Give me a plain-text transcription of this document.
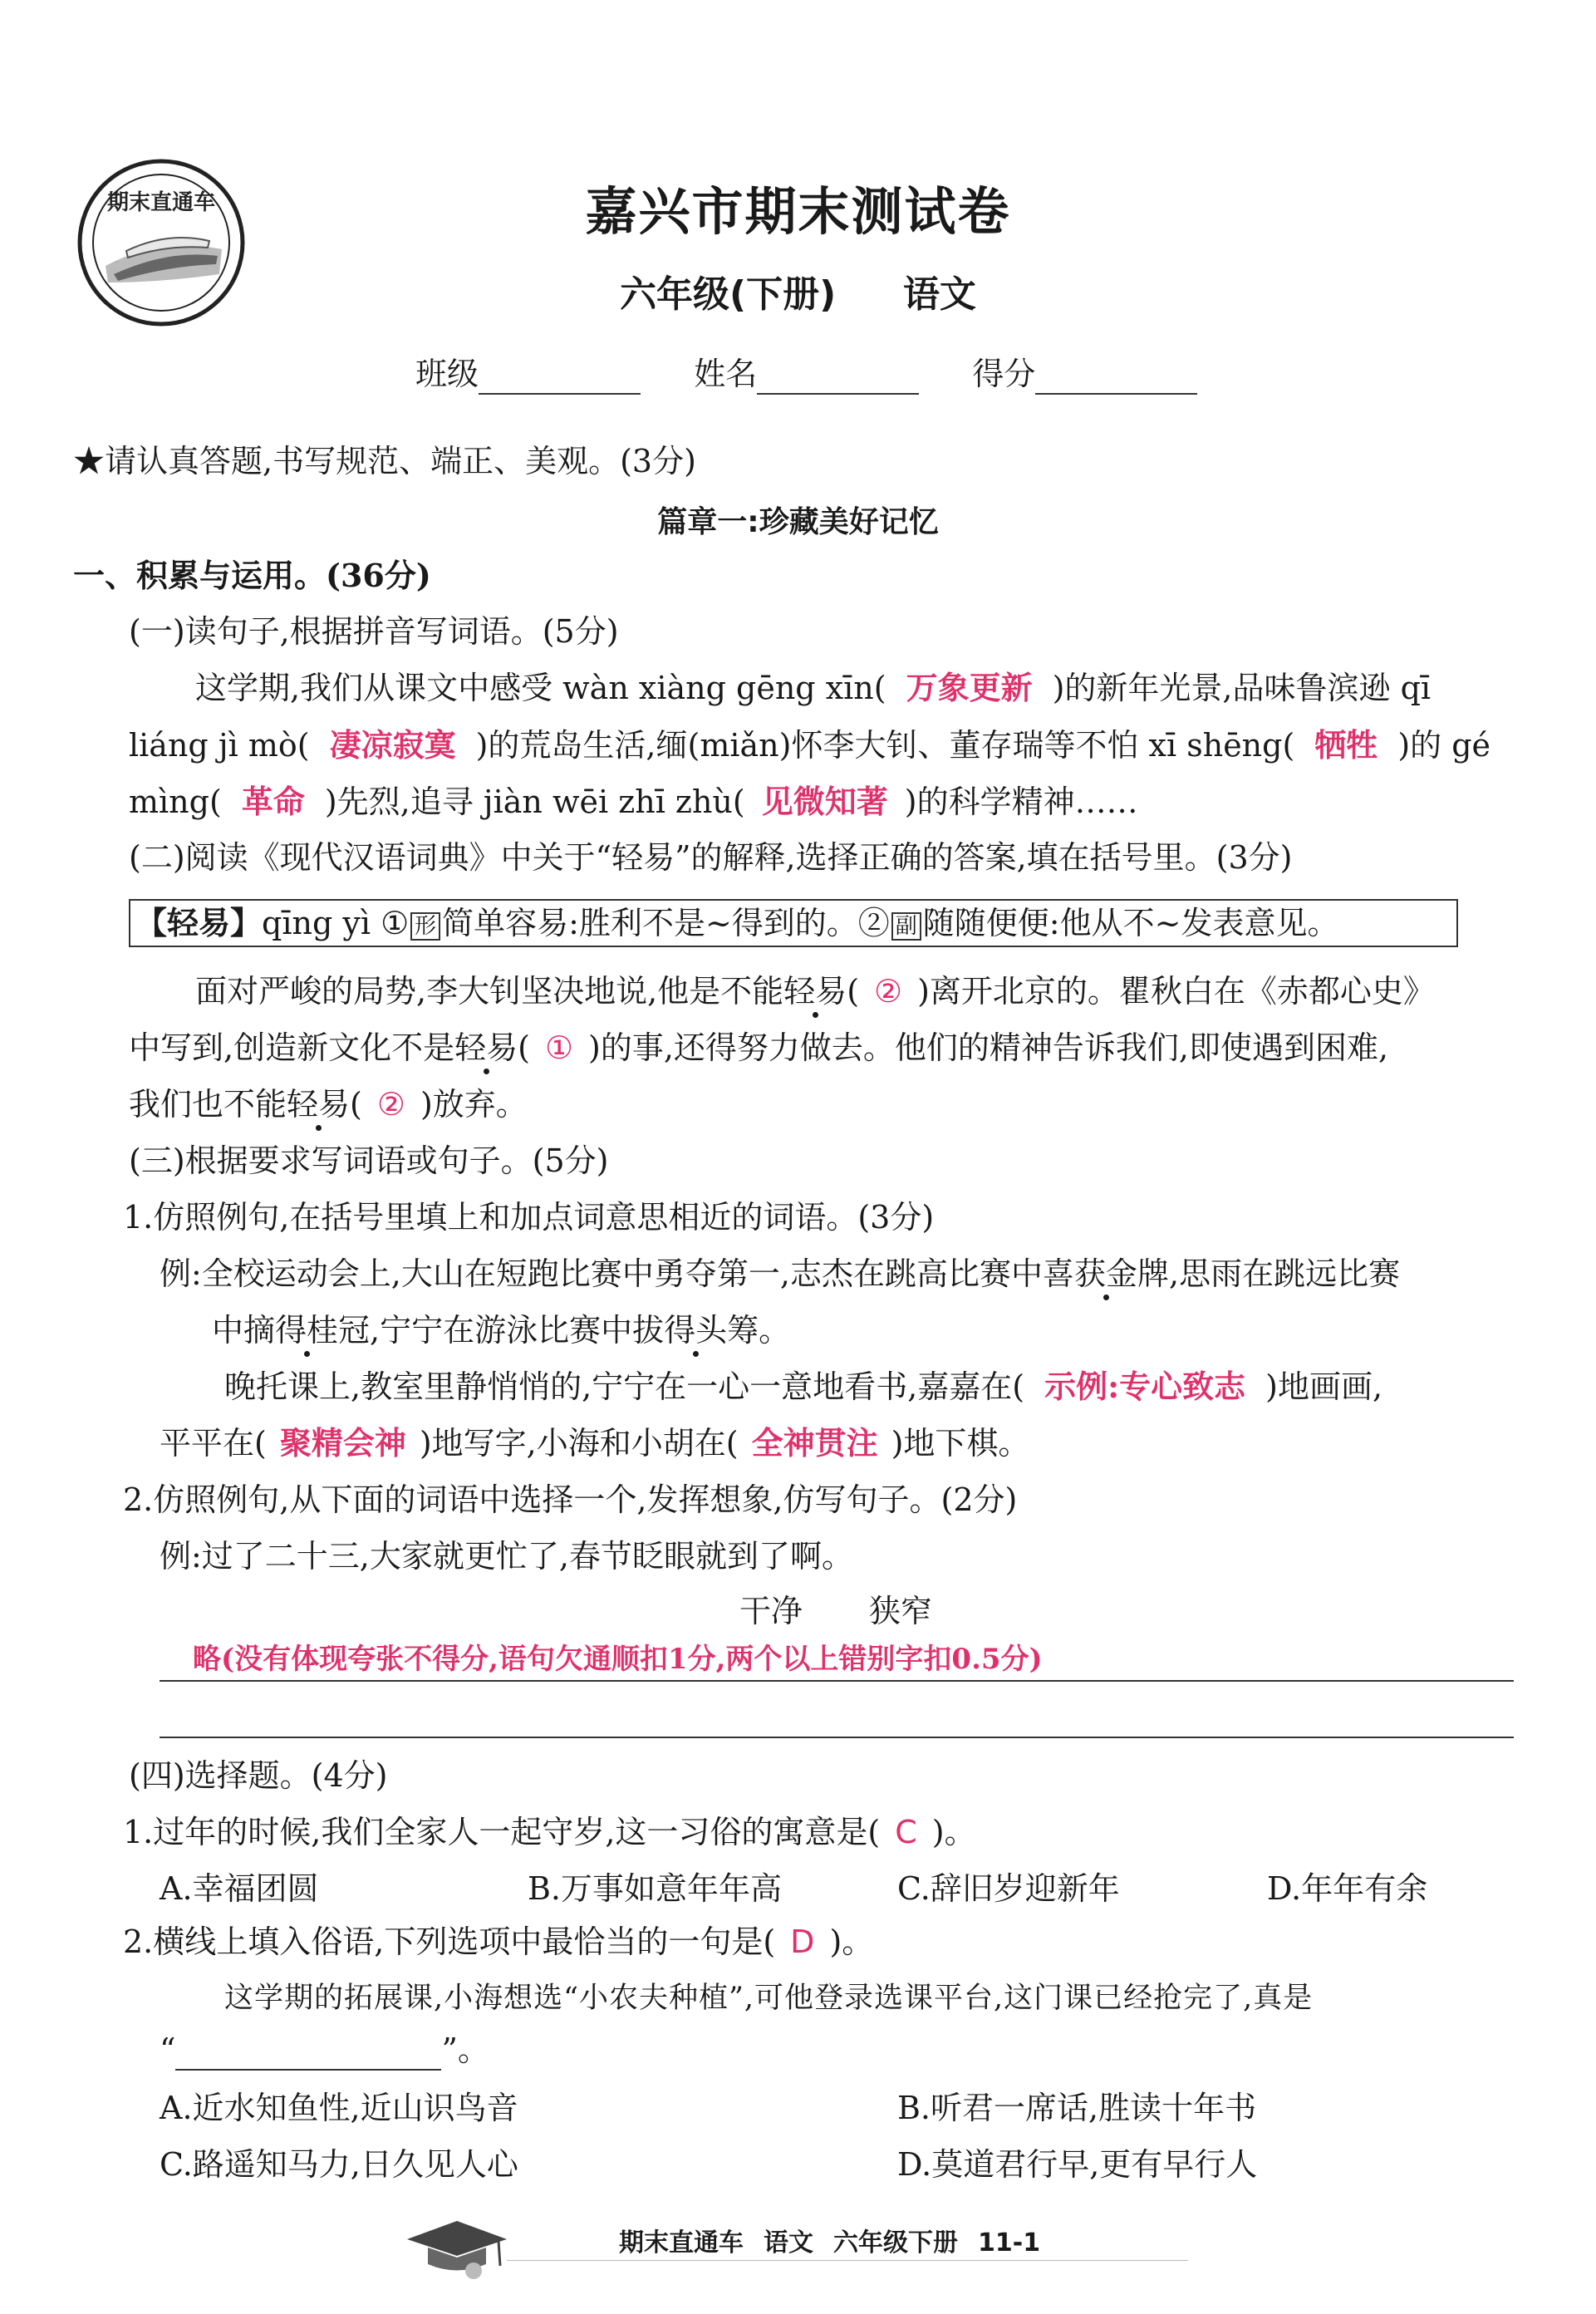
期末直通车	嘉兴市期末测试卷
六年级(下册) 语文
班级	姓名	得分
★请认真答题,书写规范、端正、美观。(3分)
篇章一:珍藏美好记忆
一、积累与运用。(36分)
(一)读句子,根据拼音写词语。(5分)
这学期,我们从课文中感受 wàn xiàng gēng xīn( 万象更新 )的新年光景,品味鲁滨逊 qī
liáng jì mò( 凄凉寂寞 )的荒岛生活,缅(miǎn)怀李大钊、董存瑞等不怕 xī shēng( 牺牲 )的 gé
mìng( 革命 )先烈,追寻 jiàn wēi zhī zhù( 见微知著 )的科学精神……
(二)阅读《现代汉语词典》中关于“轻易”的解释,选择正确的答案,填在括号里。(3分)
【轻易】qīng yì ① 形 简单容易:胜利不是~得到的。② 副 随随便便:他从不~发表意见。
面对严峻的局势,李大钊坚决地说,他是不能轻易( ② )离开北京的。瞿秋白在《赤都心史》
中写到,创造新文化不是轻易( ① )的事,还得努力做去。他们的精神告诉我们,即使遇到困难,
我们也不能轻易( ② )放弃。
(三)根据要求写词语或句子。(5分)
1.仿照例句,在括号里填上和加点词意思相近的词语。(3分)
例:全校运动会上,大山在短跑比赛中勇夺第一,志杰在跳高比赛中喜获金牌,思雨在跳远比赛
中摘得桂冠,宁宁在游泳比赛中拔得头筹。
晚托课上,教室里静悄悄的,宁宁在一心一意地看书,嘉嘉在( 示例:专心致志 )地画画,
平平在( 聚精会神 )地写字,小海和小胡在( 全神贯注 )地下棋。
2.仿照例句,从下面的词语中选择一个,发挥想象,仿写句子。(2分)
例:过了二十三,大家就更忙了,春节眨眼就到了啊。
干净 狭窄
略(没有体现夸张不得分,语句欠通顺扣1分,两个以上错别字扣0.5分)
(四)选择题。(4分)
1.过年的时候,我们全家人一起守岁,这一习俗的寓意是( C )。
A.幸福团圆	B.万事如意年年高	C.辞旧岁迎新年	D.年年有余
2.横线上填入俗语,下列选项中最恰当的一句是( D )。
这学期的拓展课,小海想选“小农夫种植”,可他登录选课平台,这门课已经抢完了,真是
“	”。
A.近水知鱼性,近山识鸟音	B.听君一席话,胜读十年书
C.路遥知马力,日久见人心	D.莫道君行早,更有早行人
期末直通车 语文 六年级下册 11-1
